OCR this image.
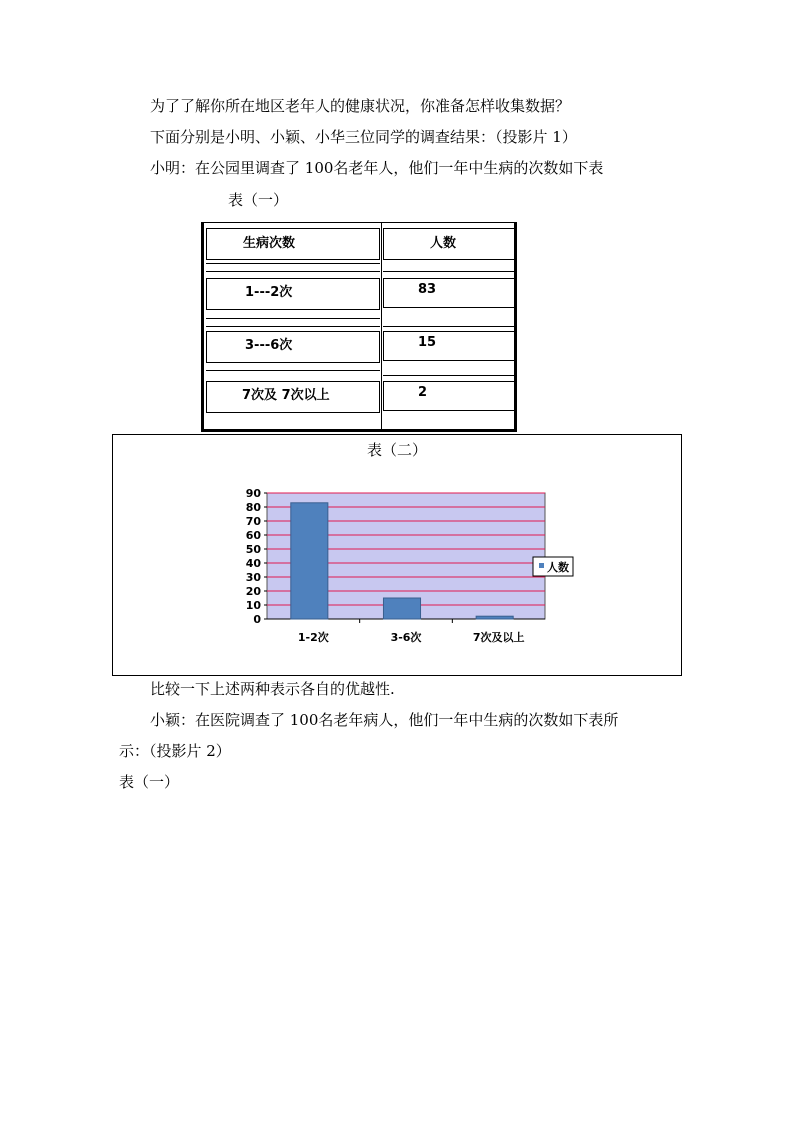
为了了解你所在地区老年人的健康状况，你准备怎样收集数据？
下面分别是小明、小颖、小华三位同学的调查结果：（投影片 1）
小明：在公园里调查了 100名老年人，他们一年中生病的次数如下表
表（一）
生病次数	人数
1---2次	83
3---6次	15
7次及 7次以上	2
表（二）
0
10
20
30
40
50
60
70
80
90
1-2次	3-6次	7次及以上
人数
比较一下上述两种表示各自的优越性.
小颖：在医院调查了 100名老年病人，他们一年中生病的次数如下表所
示：（投影片 2）
表（一）
